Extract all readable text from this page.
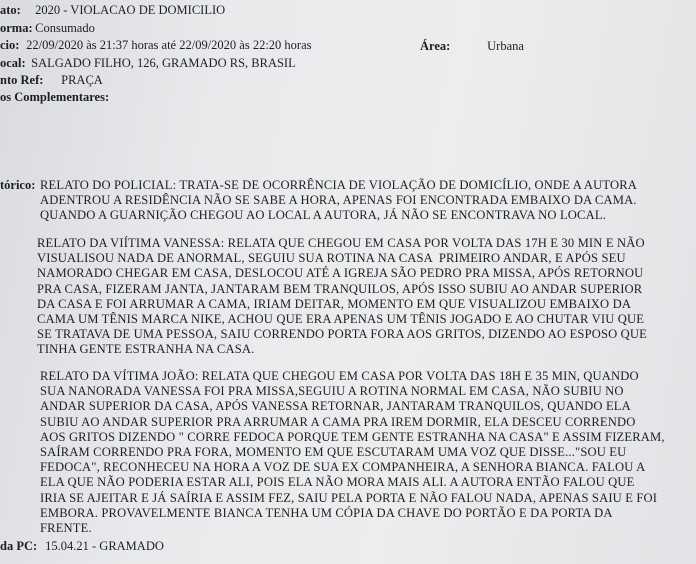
ato: 2020 - VIOLACAO DE DOMICILIO
orma: Consumado
cio: 22/09/2020 às 21:37 horas até 22/09/2020 às 22:20 horas	Área:	Urbana
ocal: SALGADO FILHO, 126, GRAMADO RS, BRASIL
nto Ref: PRAÇA
os Complementares:
tórico: RELATO DO POLICIAL: TRATA-SE DE OCORRÊNCIA DE VIOLAÇÃO DE DOMICÍLIO, ONDE A AUTORA
ADENTROU A RESIDÊNCIA NÃO SE SABE A HORA, APENAS FOI ENCONTRADA EMBAIXO DA CAMA.
QUANDO A GUARNIÇÃO CHEGOU AO LOCAL A AUTORA, JÁ NÃO SE ENCONTRAVA NO LOCAL.
RELATO DA VIÍTIMA VANESSA: RELATA QUE CHEGOU EM CASA POR VOLTA DAS 17H E 30 MIN E NÃO
VISUALISOU NADA DE ANORMAL, SEGUIU SUA ROTINA NA CASA  PRIMEIRO ANDAR, E APÓS SEU
NAMORADO CHEGAR EM CASA, DESLOCOU ATÉ A IGREJA SÃO PEDRO PRA MISSA, APÓS RETORNOU
PRA CASA, FIZERAM JANTA, JANTARAM BEM TRANQUILOS, APÓS ISSO SUBIU AO ANDAR SUPERIOR
DA CASA E FOI ARRUMAR A CAMA, IRIAM DEITAR, MOMENTO EM QUE VISUALIZOU EMBAIXO DA
CAMA UM TÊNIS MARCA NIKE, ACHOU QUE ERA APENAS UM TÊNIS JOGADO E AO CHUTAR VIU QUE
SE TRATAVA DE UMA PESSOA, SAIU CORRENDO PORTA FORA AOS GRITOS, DIZENDO AO ESPOSO QUE
TINHA GENTE ESTRANHA NA CASA.
RELATO DA VÍTIMA JOÃO: RELATA QUE CHEGOU EM CASA POR VOLTA DAS 18H E 35 MIN, QUANDO
SUA NANORADA VANESSA FOI PRA MISSA,SEGUIU A ROTINA NORMAL EM CASA, NÃO SUBIU NO
ANDAR SUPERIOR DA CASA, APÓS VANESSA RETORNAR, JANTARAM TRANQUILOS, QUANDO ELA
SUBIU AO ANDAR SUPERIOR PRA ARRUMAR A CAMA PRA IREM DORMIR, ELA DESCEU CORRENDO
AOS GRITOS DIZENDO " CORRE FEDOCA PORQUE TEM GENTE ESTRANHA NA CASA" E ASSIM FIZERAM,
SAÍRAM CORRENDO PRA FORA, MOMENTO EM QUE ESCUTARAM UMA VOZ QUE DISSE..."SOU EU
FEDOCA", RECONHECEU NA HORA A VOZ DE SUA EX COMPANHEIRA, A SENHORA BIANCA. FALOU A
ELA QUE NÃO PODERIA ESTAR ALI, POIS ELA NÃO MORA MAIS ALI. A AUTORA ENTÃO FALOU QUE
IRIA SE AJEITAR E JÁ SAÍRIA E ASSIM FEZ, SAIU PELA PORTA E NÃO FALOU NADA, APENAS SAIU E FOI
EMBORA. PROVAVELMENTE BIANCA TENHA UM CÓPIA DA CHAVE DO PORTÃO E DA PORTA DA
FRENTE.
da PC: 15.04.21 - GRAMADO
